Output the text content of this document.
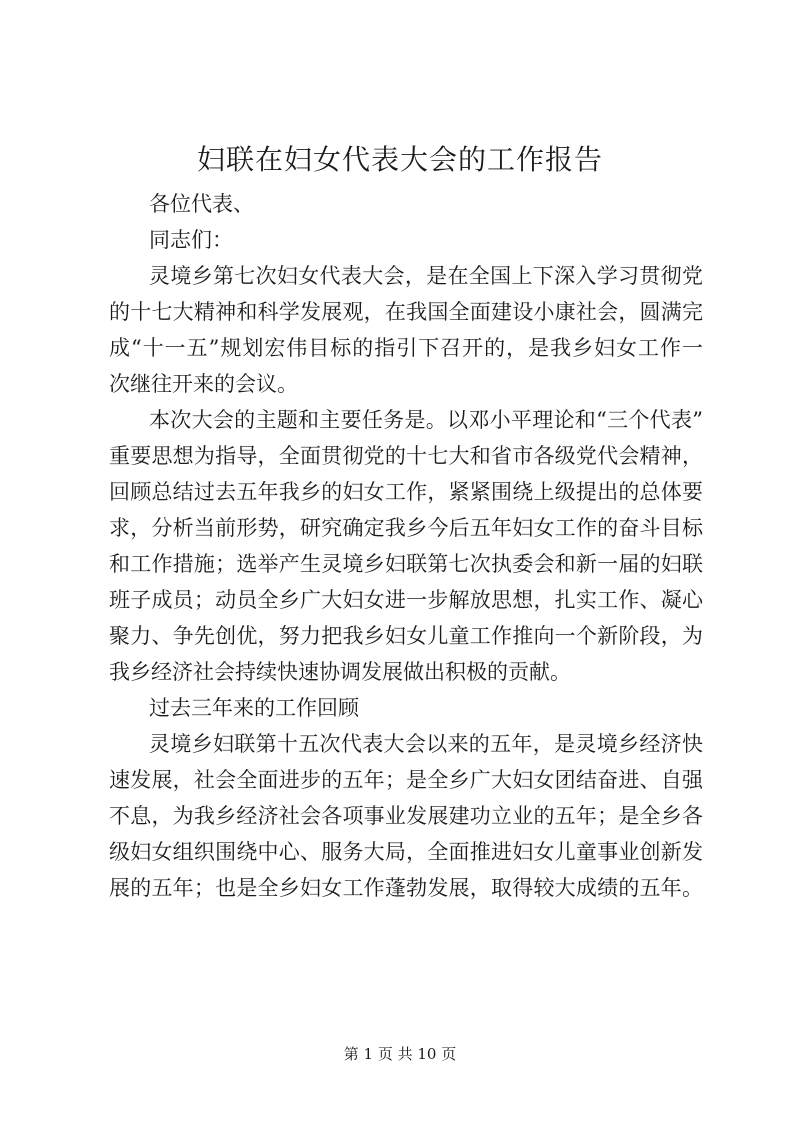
妇联在妇女代表大会的工作报告
各位代表、
同志们：
灵境乡第七次妇女代表大会，是在全国上下深入学习贯彻党
的十七大精神和科学发展观，在我国全面建设小康社会，圆满完
成“十一五”规划宏伟目标的指引下召开的，是我乡妇女工作一
次继往开来的会议。
本次大会的主题和主要任务是。以邓小平理论和“三个代表”
重要思想为指导，全面贯彻党的十七大和省市各级党代会精神，
回顾总结过去五年我乡的妇女工作，紧紧围绕上级提出的总体要
求，分析当前形势，研究确定我乡今后五年妇女工作的奋斗目标
和工作措施；选举产生灵境乡妇联第七次执委会和新一届的妇联
班子成员；动员全乡广大妇女进一步解放思想，扎实工作、凝心
聚力、争先创优，努力把我乡妇女儿童工作推向一个新阶段，为
我乡经济社会持续快速协调发展做出积极的贡献。
过去三年来的工作回顾
灵境乡妇联第十五次代表大会以来的五年，是灵境乡经济快
速发展，社会全面进步的五年；是全乡广大妇女团结奋进、自强
不息，为我乡经济社会各项事业发展建功立业的五年；是全乡各
级妇女组织围绕中心、服务大局，全面推进妇女儿童事业创新发
展的五年；也是全乡妇女工作蓬勃发展，取得较大成绩的五年。
第 1 页 共 10 页
